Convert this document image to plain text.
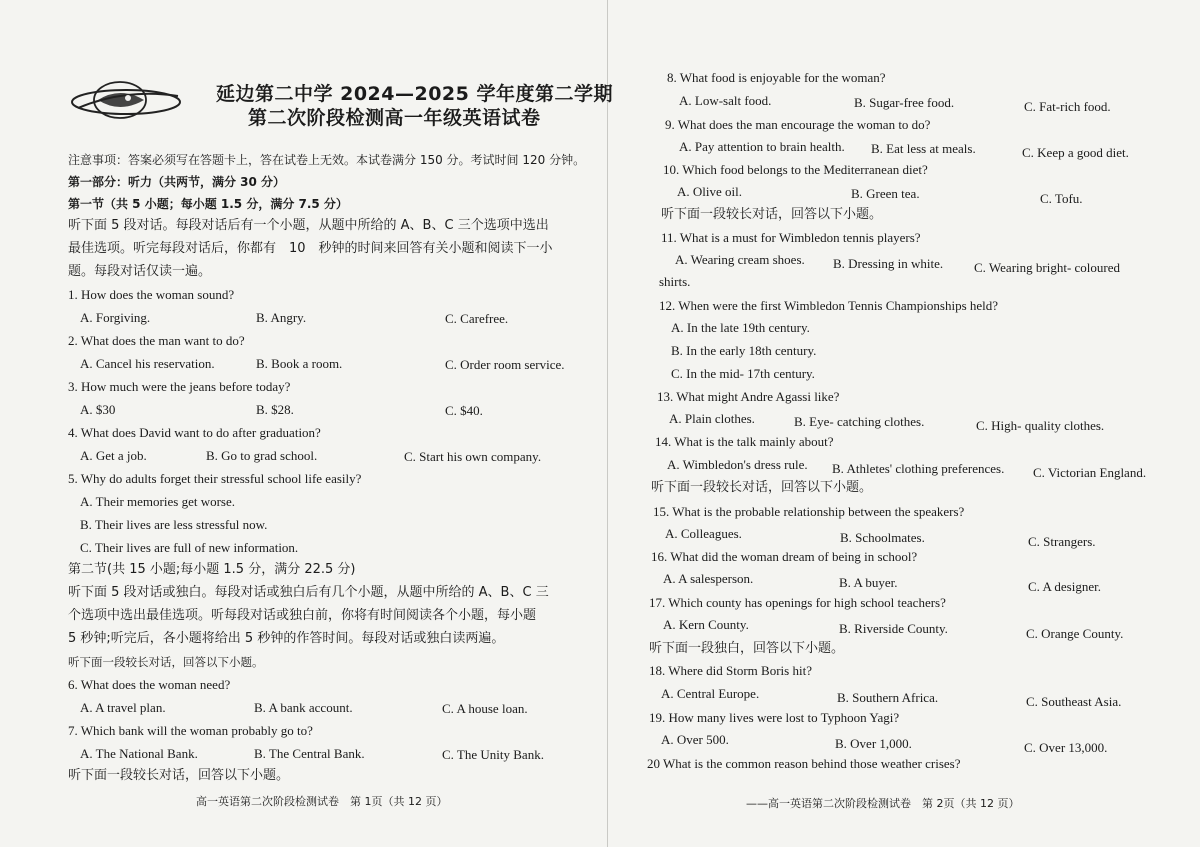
延边第二中学 2024—2025 学年度第二学期
第二次阶段检测高一年级英语试卷
注意事项：答案必须写在答题卡上，答在试卷上无效。本试卷满分 150 分。考试时间 120 分钟。
第一部分：听力（共两节，满分 30 分）
第一节（共 5 小题；每小题 1.5 分，满分 7.5 分）
听下面 5 段对话。每段对话后有一个小题，从题中所给的 A、B、C 三个选项中选出
最佳选项。听完每段对话后，你都有　10　秒钟的时间来回答有关小题和阅读下一小
题。每段对话仅读一遍。
1. How does the woman sound?
A. Forgiving.	B. Angry.	C. Carefree.
2. What does the man want to do?
A. Cancel his reservation.	B. Book a room.	C. Order room service.
3. How much were the jeans before today?
A. $30	B. $28.	C. $40.
4. What does David want to do after graduation?
A. Get a job.	B. Go to grad school.	C. Start his own company.
5. Why do adults forget their stressful school life easily?
A. Their memories get worse.
B. Their lives are less stressful now.
C. Their lives are full of new information.
第二节(共 15 小题;每小题 1.5 分，满分 22.5 分)
听下面 5 段对话或独白。每段对话或独白后有几个小题，从题中所给的 A、B、C 三
个选项中选出最佳选项。听每段对话或独白前，你将有时间阅读各个小题，每小题
5 秒钟;听完后，各小题将给出 5 秒钟的作答时间。每段对话或独白读两遍。
听下面一段较长对话，回答以下小题。
6. What does the woman need?
A. A travel plan.	B. A bank account.	C. A house loan.
7. Which bank will the woman probably go to?
A. The National Bank.	B. The Central Bank.	C. The Unity Bank.
听下面一段较长对话，回答以下小题。
高一英语第二次阶段检测试卷　第 1页（共 12 页）
8. What food is enjoyable for the woman?
A. Low-salt food.	B. Sugar-free food.	C. Fat-rich food.
9. What does the man encourage the woman to do?
A. Pay attention to brain health. B. Eat less at meals.	C. Keep a good diet.
10. Which food belongs to the Mediterranean diet?
A. Olive oil.	B. Green tea.	C. Tofu.
听下面一段较长对话，回答以下小题。
11. What is a must for Wimbledon tennis players?
A. Wearing cream shoes. B. Dressing in white. C. Wearing bright- coloured
shirts.
12. When were the first Wimbledon Tennis Championships held?
A. In the late 19th century.
B. In the early 18th century.
C. In the mid- 17th century.
13. What might Andre Agassi like?
A. Plain clothes.	B. Eye- catching clothes.	C. High- quality clothes.
14. What is the talk mainly about?
A. Wimbledon's dress rule. B. Athletes' clothing preferences. C. Victorian England.
听下面一段较长对话，回答以下小题。
15. What is the probable relationship between the speakers?
A. Colleagues.	B. Schoolmates.	C. Strangers.
16. What did the woman dream of being in school?
A. A salesperson.	B. A buyer.	C. A designer.
17. Which county has openings for high school teachers?
A. Kern County.	B. Riverside County.	C. Orange County.
听下面一段独白，回答以下小题。
18. Where did Storm Boris hit?
A. Central Europe.	B. Southern Africa.	C. Southeast Asia.
19. How many lives were lost to Typhoon Yagi?
A. Over 500.	B. Over 1,000.	C. Over 13,000.
20 What is the common reason behind those weather crises?
——高一英语第二次阶段检测试卷　第 2页（共 12 页）
